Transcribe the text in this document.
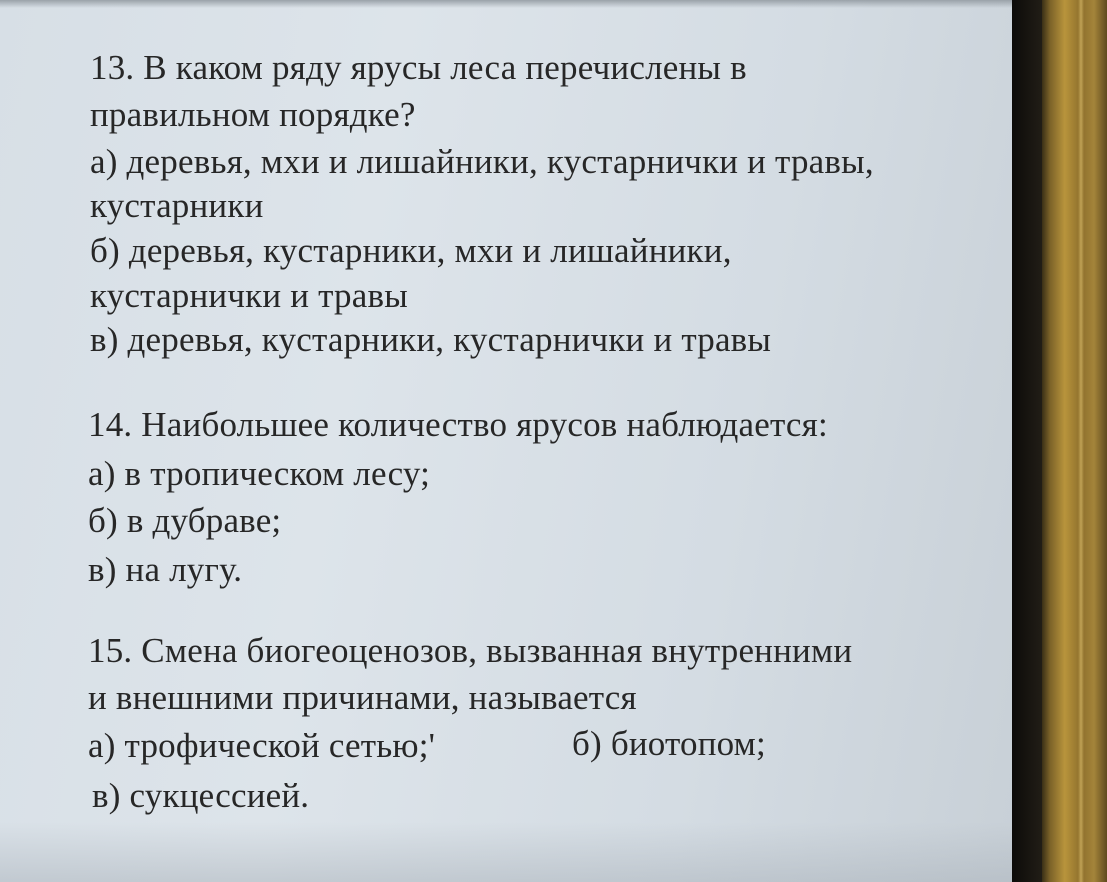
13. В каком ряду ярусы леса перечислены в
правильном порядке?
а) деревья, мхи и лишайники, кустарнички и травы,
кустарники
б) деревья, кустарники, мхи и лишайники,
кустарнички и травы
в) деревья, кустарники, кустарнички и травы
14. Наибольшее количество ярусов наблюдается:
а) в тропическом лесу;
б) в дубраве;
в) на лугу.
15. Смена биогеоценозов, вызванная внутренними
и внешними причинами, называется
а) трофической сетью;'	б) биотопом;
в) сукцессией.
